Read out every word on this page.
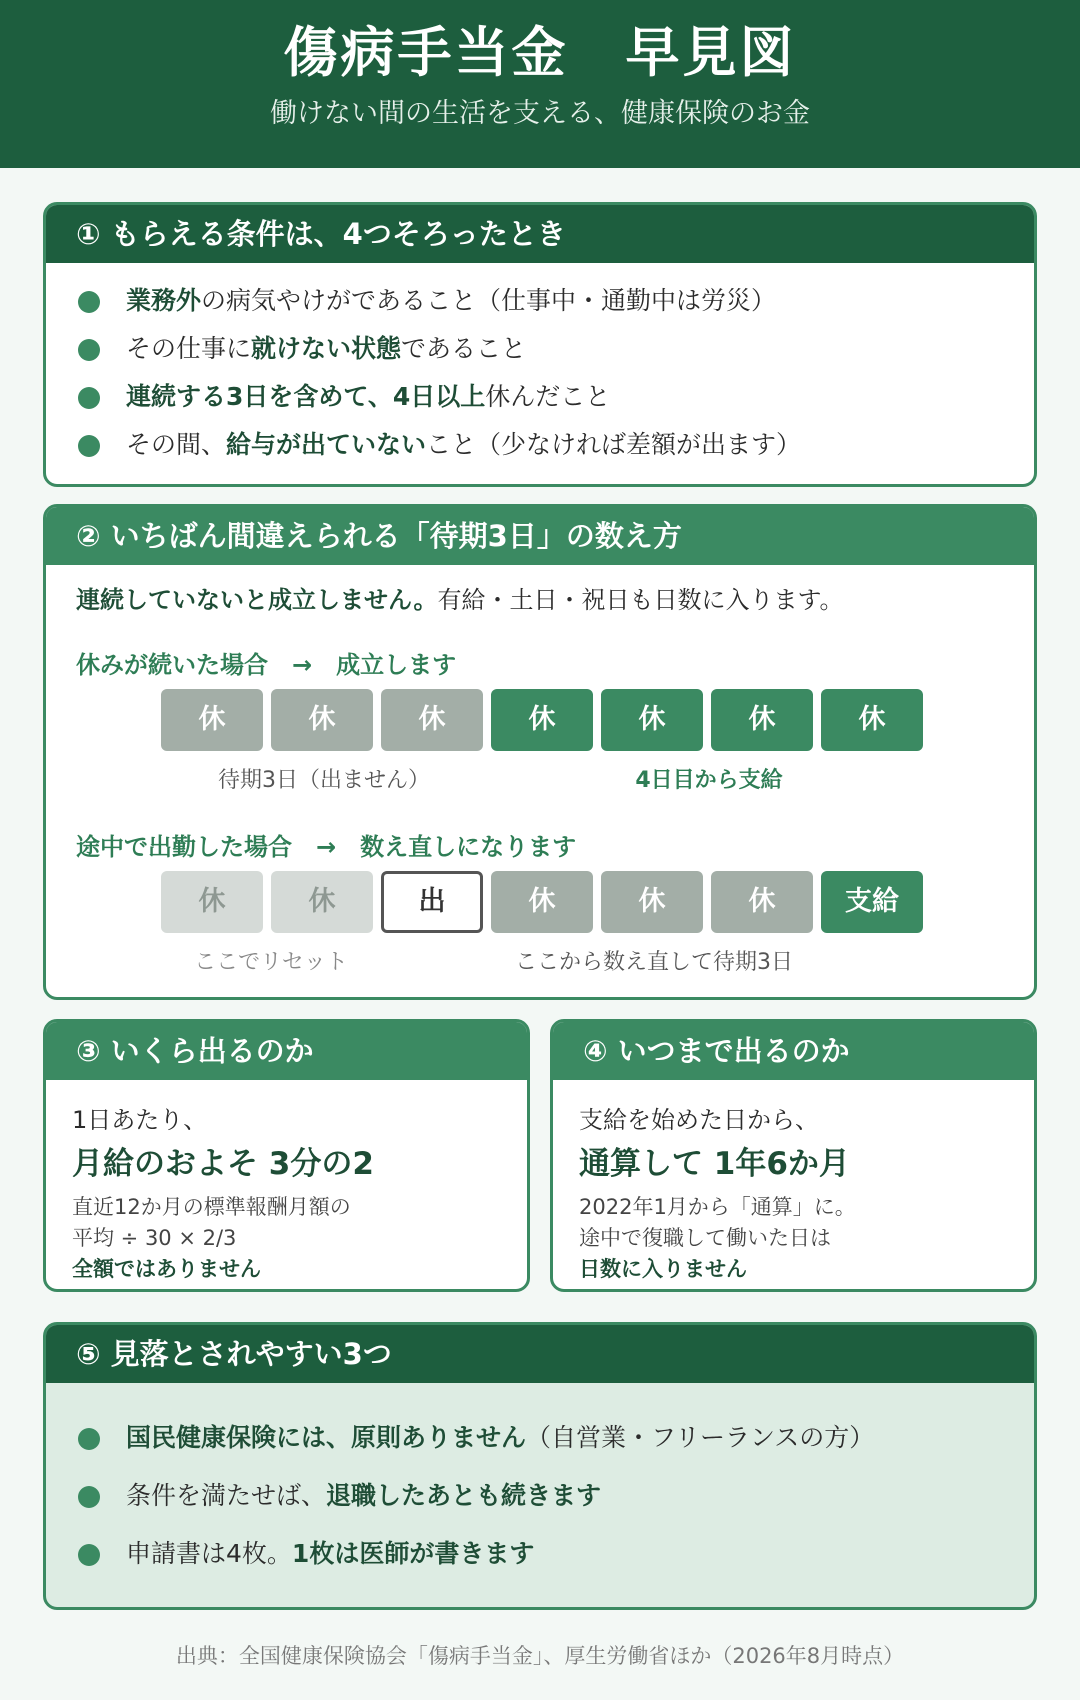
傷病手当金　早見図
働けない間の生活を支える、健康保険のお金
① もらえる条件は、4つそろったとき
業務外の病気やけがであること（仕事中・通勤中は労災）
その仕事に就けない状態であること
連続する3日を含めて、4日以上休んだこと
その間、給与が出ていないこと（少なければ差額が出ます）
② いちばん間違えられる「待期3日」の数え方
連続していないと成立しません。有給・土日・祝日も日数に入ります。
休みが続いた場合　→　成立します
休	休	休	休	休	休	休
待期3日（出ません）	4日目から支給
途中で出勤した場合　→　数え直しになります
休	休	出	休	休	休	支給
ここでリセット	ここから数え直して待期3日
③ いくら出るのか
1日あたり、
月給のおよそ 3分の2
直近12か月の標準報酬月額の
平均 ÷ 30 × 2/3
全額ではありません
④ いつまで出るのか
支給を始めた日から、
通算して 1年6か月
2022年1月から「通算」に。
途中で復職して働いた日は
日数に入りません
⑤ 見落とされやすい3つ
国民健康保険には、原則ありません（自営業・フリーランスの方）
条件を満たせば、退職したあとも続きます
申請書は4枚。1枚は医師が書きます
出典：全国健康保険協会「傷病手当金」、厚生労働省ほか（2026年8月時点）
